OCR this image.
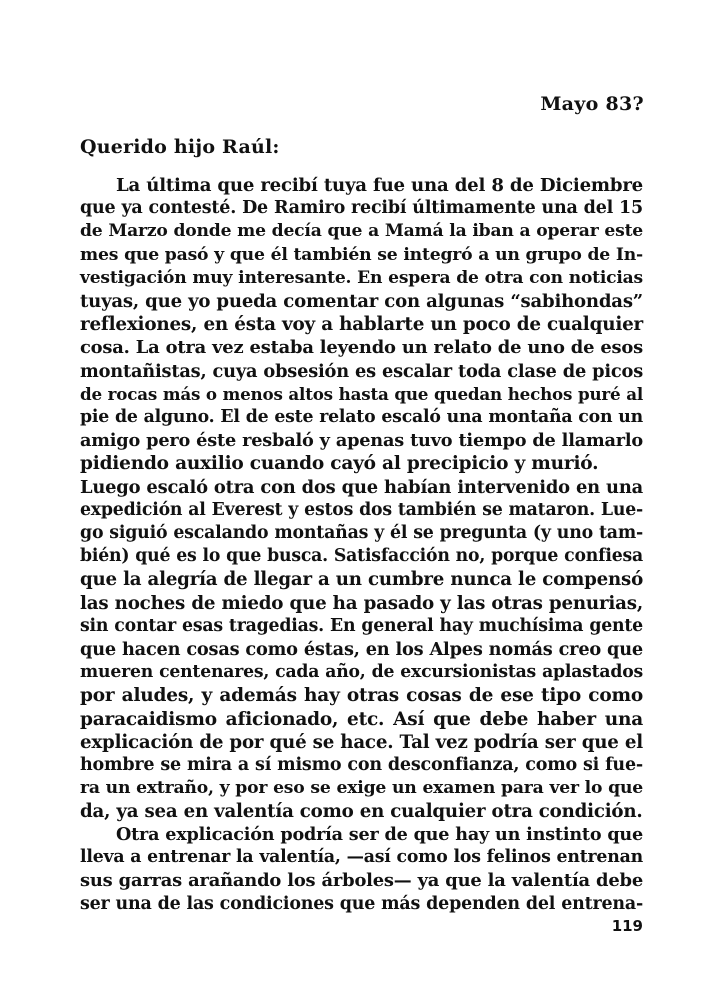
Mayo 83?
Querido hijo Raúl:
La última que recibí tuya fue una del 8 de Diciembre
que ya contesté. De Ramiro recibí últimamente una del 15
de Marzo donde me decía que a Mamá la iban a operar este
mes que pasó y que él también se integró a un grupo de In-
vestigación muy interesante. En espera de otra con noticias
tuyas, que yo pueda comentar con algunas “sabihondas”
reflexiones, en ésta voy a hablarte un poco de cualquier
cosa. La otra vez estaba leyendo un relato de uno de esos
montañistas, cuya obsesión es escalar toda clase de picos
de rocas más o menos altos hasta que quedan hechos puré al
pie de alguno. El de este relato escaló una montaña con un
amigo pero éste resbaló y apenas tuvo tiempo de llamarlo
pidiendo auxilio cuando cayó al precipicio y murió.
Luego escaló otra con dos que habían intervenido en una
expedición al Everest y estos dos también se mataron. Lue-
go siguió escalando montañas y él se pregunta (y uno tam-
bién) qué es lo que busca. Satisfacción no, porque confiesa
que la alegría de llegar a un cumbre nunca le compensó
las noches de miedo que ha pasado y las otras penurias,
sin contar esas tragedias. En general hay muchísima gente
que hacen cosas como éstas, en los Alpes nomás creo que
mueren centenares, cada año, de excursionistas aplastados
por aludes, y además hay otras cosas de ese tipo como
paracaidismo aficionado, etc. Así que debe haber una
explicación de por qué se hace. Tal vez podría ser que el
hombre se mira a sí mismo con desconfianza, como si fue-
ra un extraño, y por eso se exige un examen para ver lo que
da, ya sea en valentía como en cualquier otra condición.
Otra explicación podría ser de que hay un instinto que
lleva a entrenar la valentía, —así como los felinos entrenan
sus garras arañando los árboles— ya que la valentía debe
ser una de las condiciones que más dependen del entrena-
119
